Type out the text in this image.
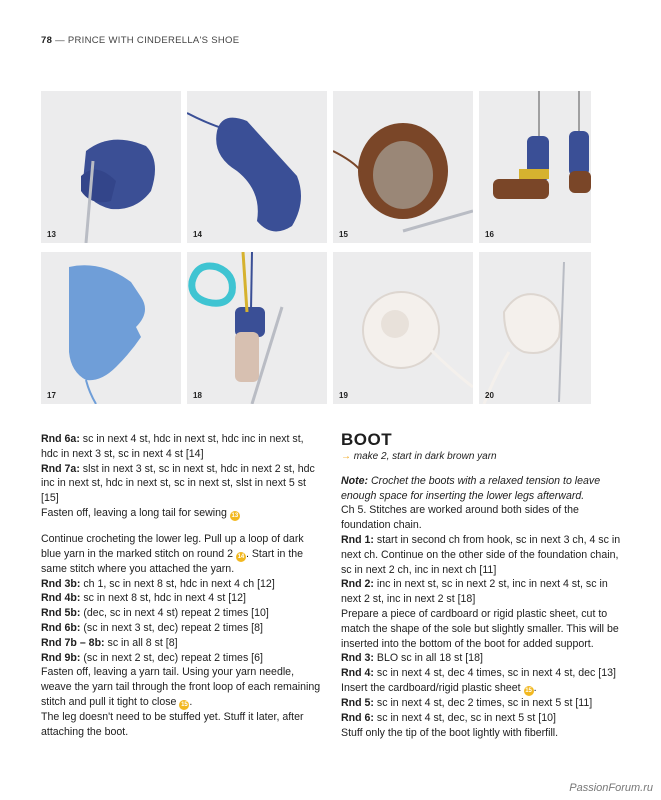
78 — PRINCE WITH CINDERELLA'S SHOE
13	14	15	16
17	18	19	20

Rnd 6a: sc in next 4 st, hdc in next st, hdc inc in next st, hdc in next 3 st, sc in next 4 st [14]

Rnd 7a: slst in next 3 st, sc in next st, hdc in next 2 st, hdc inc in next st, hdc in next st, sc in next st, slst in next 5 st [15]

Fasten off, leaving a long tail for sewing 13

Continue crocheting the lower leg. Pull up a loop of dark blue yarn in the marked stitch on round 2 14 . Start in the same stitch where you attached the yarn.

Rnd 3b: ch 1, sc in next 8 st, hdc in next 4 ch [12]

Rnd 4b: sc in next 8 st, hdc in next 4 st [12]

Rnd 5b: (dec, sc in next 4 st) repeat 2 times [10]

Rnd 6b: (sc in next 3 st, dec) repeat 2 times [8]

Rnd 7b – 8b: sc in all 8 st [8]

Rnd 9b: (sc in next 2 st, dec) repeat 2 times [6]

Fasten off, leaving a yarn tail. Using your yarn needle, weave the yarn tail through the front loop of each remaining stitch and pull it tight to close 15 .

The leg doesn't need to be stuffed yet. Stuff it later, after attaching the boot.

BOOT
→ make 2, start in dark brown yarn

Note: Crochet the boots with a relaxed tension to leave enough space for inserting the lower legs afterward.

Ch 5. Stitches are worked around both sides of the foundation chain.

Rnd 1: start in second ch from hook, sc in next 3 ch, 4 sc in next ch. Continue on the other side of the foundation chain, sc in next 2 ch, inc in next ch [11]

Rnd 2: inc in next st, sc in next 2 st, inc in next 4 st, sc in next 2 st, inc in next 2 st [18]

Prepare a piece of cardboard or rigid plastic sheet, cut to match the shape of the sole but slightly smaller. This will be inserted into the bottom of the boot for added support.

Rnd 3: BLO sc in all 18 st [18]

Rnd 4: sc in next 4 st, dec 4 times, sc in next 4 st, dec [13]

Insert the cardboard/rigid plastic sheet 15 .

Rnd 5: sc in next 4 st, dec 2 times, sc in next 5 st [11]

Rnd 6: sc in next 4 st, dec, sc in next 5 st [10]

Stuff only the tip of the boot lightly with fiberfill.

PassionForum.ru
